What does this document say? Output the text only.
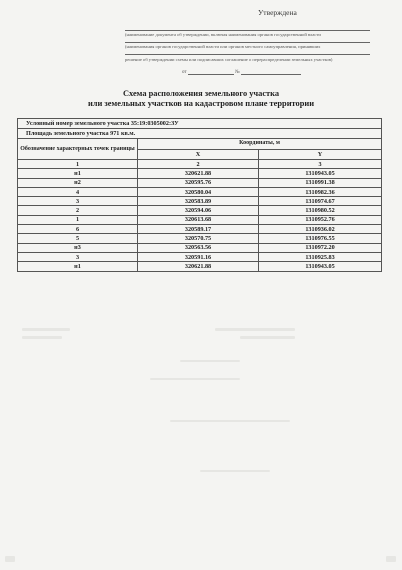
Утверждена
(наименование документа об утверждении, включая наименования органов государственной власти
(наименования органов государственной власти или органов местного самоуправления, принявших
решение об утверждении схемы или подписавших соглашение о перераспределении земельных участков)
от	№
Схема расположения земельного участка
или земельных участков на кадастровом плане территории
Условный номер земельного участка 35:19:0305002:ЗУ		
Площадь земельного участка 971 кв.м.		
Обозначение характерных точек границы	Координаты, м	
	X	Y
1	2	3
н1	320621.88	1310943.05
н2	320595.76	1310991.38
4	320580.04	1310982.36
3	320583.89	1310974.67
2	320594.06	1310980.52
1	320613.68	1310952.76
6	320589.17	1310936.02
5	320570.75	1310976.55
н3	320563.56	1310972.20
3	320591.16	1310925.83
н1	320621.88	1310943.05
